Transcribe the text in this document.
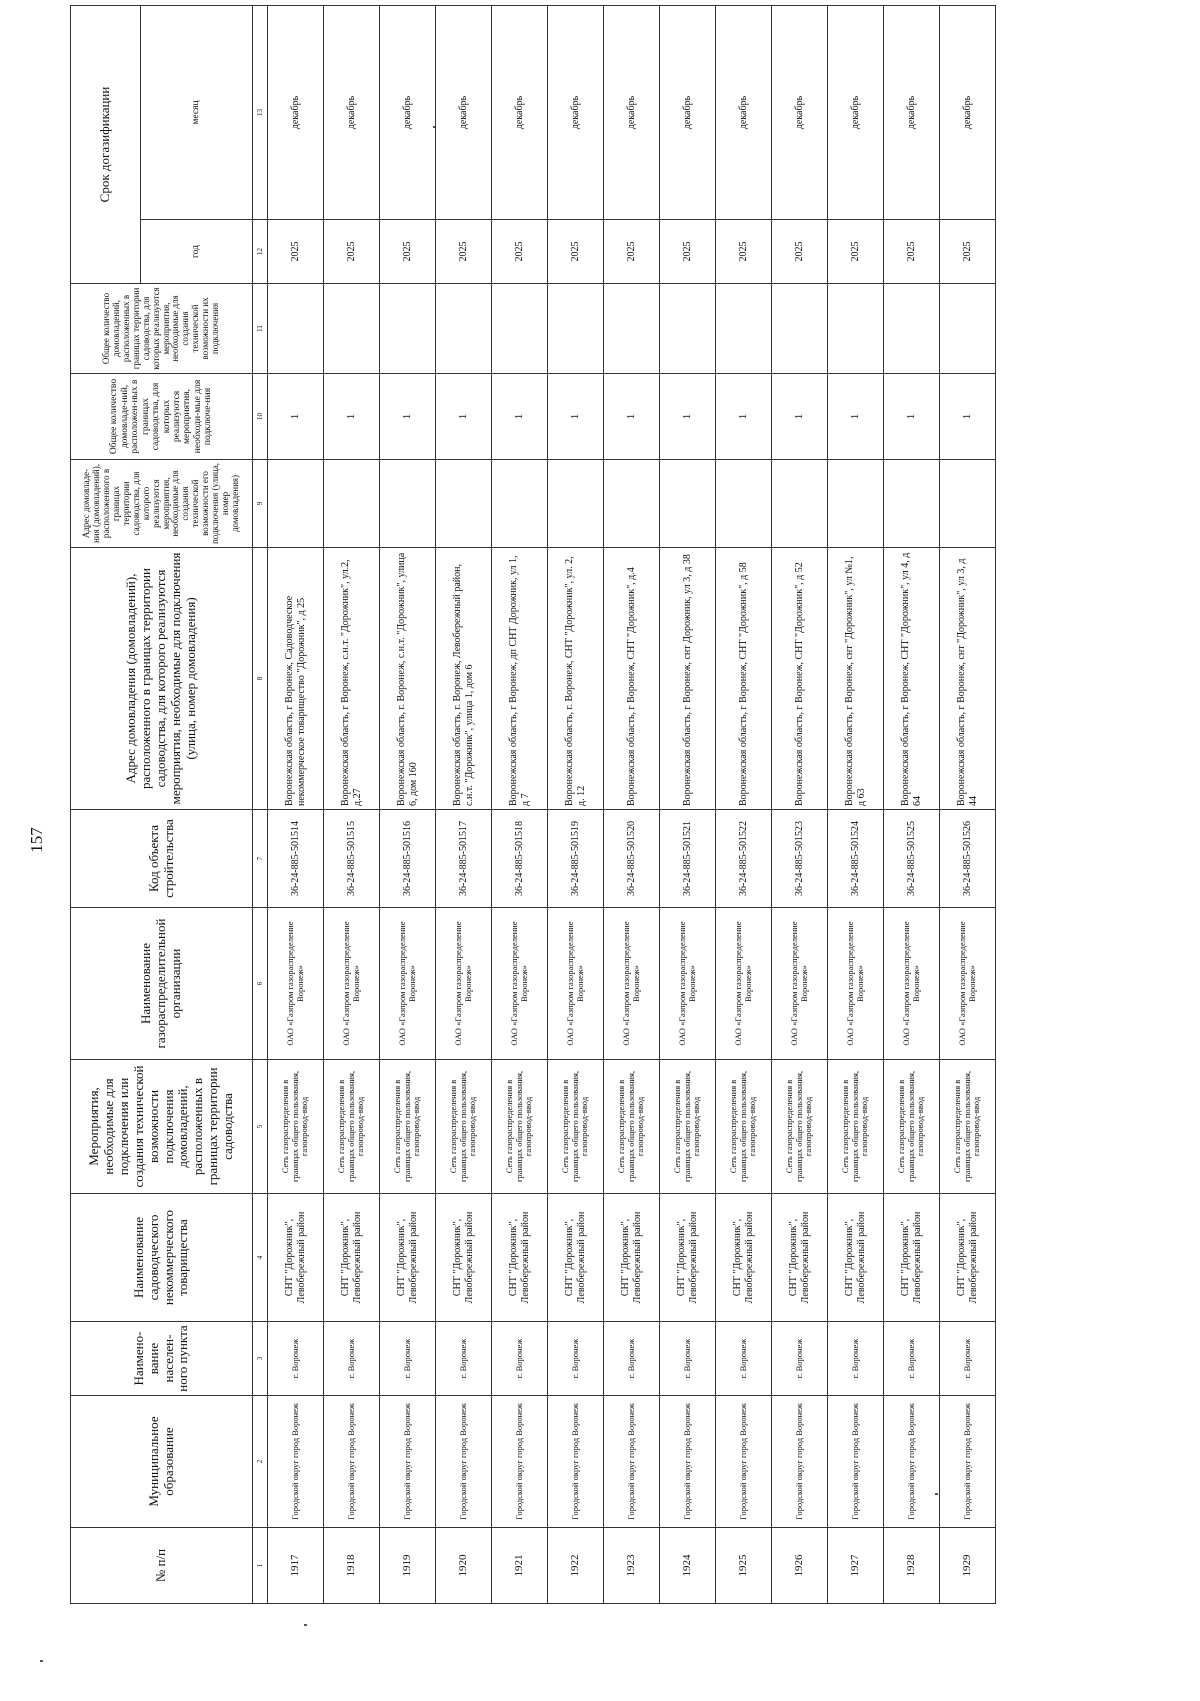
157
№ п/п	Муниципальное образование	Наимено-вание населен-ного пункта	Наименование садоводческого некоммерческого товарищества	Мероприятия, необходимые для подключения или создания технической возможности подключения домовладений, расположенных в границах территории садоводства	Наименование газораспределительной организации	Код объекта стройтельства	Адрес домовладения (домовладений), расположенного в границах территории садоводства, для которого реализуются мероприятия, необходимые для подключения (улица, номер домовладения)	Адрес домовладе-ния (домовладений), расположенного в границах территории садоводства, для которого реализуются мероприятия, необходимые для создания технической возможности его подключения (улица, номер домовладения)	Общее количество домовладе-ний, расположен-ных в границах садоводства, для которых реализуются мероприятия, необходи-мые для подключе-ния	Общее количество домовладений, расположенных в границах территории садоводства, для которых реализуются мероприятия, необходимые для создания технической возможности их подключения	Срок догазификации	
											год	месяц
1	2	3	4	5	6	7	8	9	10	11	12	13
1917	Городской округ город Воронеж	г. Воронеж	СНТ "Дорожник", Левобережный район	Сеть газораспределения в границах общего пользования, газопровод-ввод	ОАО «Газпром газораспределение Воронеж»	36-24-885-501514	Воронежская область, г Воронеж, Садоводческое некоммерческое товарищество "Дорожник", д 25		1		2025	декабрь
1918	Городской округ город Воронеж	г. Воронеж	СНТ "Дорожник", Левобережный район	Сеть газораспределения в границах общего пользования, газопровод-ввод	ОАО «Газпром газораспределение Воронеж»	36-24-885-501515	Воронежская область, г Воронеж, с.н.т. "Дорожник", ул.2, д.27		1		2025	декабрь
1919	Городской округ город Воронеж	г. Воронеж	СНТ "Дорожник", Левобережный район	Сеть газораспределения в границах общего пользования, газопровод-ввод	ОАО «Газпром газораспределение Воронеж»	36-24-885-501516	Воронежская область, г. Воронеж, с.н.т. "Дорожник", улица 6, дом 160		1		2025	декабрь
1920	Городской округ город Воронеж	г. Воронеж	СНТ "Дорожник", Левобережный район	Сеть газораспределения в границах общего пользования, газопровод-ввод	ОАО «Газпром газораспределение Воронеж»	36-24-885-501517	Воронежская область, г. Воронеж, Левобережный район, с.н.т. "Дорожник", улица 1, дом 6		1		2025	декабрь
1921	Городской округ город Воронеж	г. Воронеж	СНТ "Дорожник", Левобережный район	Сеть газораспределения в границах общего пользования, газопровод-ввод	ОАО «Газпром газораспределение Воронеж»	36-24-885-501518	Воронежская область, г Воронеж, дп СНТ Дорожник, ул 1, д 7		1		2025	декабрь
1922	Городской округ город Воронеж	г. Воронеж	СНТ "Дорожник", Левобережный район	Сеть газораспределения в границах общего пользования, газопровод-ввод	ОАО «Газпром газораспределение Воронеж»	36-24-885-501519	Воронежская область, г. Воронеж, СНТ "Дорожник", ул. 2, д. 12		1		2025	декабрь
1923	Городской округ город Воронеж	г. Воронеж	СНТ "Дорожник", Левобережный район	Сеть газораспределения в границах общего пользования, газопровод-ввод	ОАО «Газпром газораспределение Воронеж»	36-24-885-501520	Воронежская область, г Воронеж, СНТ "Дорожник", д.4		1		2025	декабрь
1924	Городской округ город Воронеж	г. Воронеж	СНТ "Дорожник", Левобережный район	Сеть газораспределения в границах общего пользования, газопровод-ввод	ОАО «Газпром газораспределение Воронеж»	36-24-885-501521	Воронежская область, г Воронеж, снт Дорожник, ул 3, д 38		1		2025	декабрь
1925	Городской округ город Воронеж	г. Воронеж	СНТ "Дорожник", Левобережный район	Сеть газораспределения в границах общего пользования, газопровод-ввод	ОАО «Газпром газораспределение Воронеж»	36-24-885-501522	Воронежская область, г Воронеж, СНТ "Дорожник", д 58		1		2025	декабрь
1926	Городской округ город Воронеж	г. Воронеж	СНТ "Дорожник", Левобережный район	Сеть газораспределения в границах общего пользования, газопровод-ввод	ОАО «Газпром газораспределение Воронеж»	36-24-885-501523	Воронежская область, г Воронеж, СНТ "Дорожник", д 52		1		2025	декабрь
1927	Городской округ город Воронеж	г. Воронеж	СНТ "Дорожник", Левобережный район	Сеть газораспределения в границах общего пользования, газопровод-ввод	ОАО «Газпром газораспределение Воронеж»	36-24-885-501524	Воронежская область, г Воронеж, снт "Дорожник", ул №1, д 63		1		2025	декабрь
1928	Городской округ город Воронеж	г. Воронеж	СНТ "Дорожник", Левобережный район	Сеть газораспределения в границах общего пользования, газопровод-ввод	ОАО «Газпром газораспределение Воронеж»	36-24-885-501525	Воронежская область, г Воронеж, СНТ "Дорожник", ул 4, д 64		1		2025	декабрь
1929	Городской округ город Воронеж	г. Воронеж	СНТ "Дорожник", Левобережный район	Сеть газораспределения в границах общего пользования, газопровод-ввод	ОАО «Газпром газораспределение Воронеж»	36-24-885-501526	Воронежская область, г Воронеж, снт "Дорожник", ул 3, д 44		1		2025	декабрь
